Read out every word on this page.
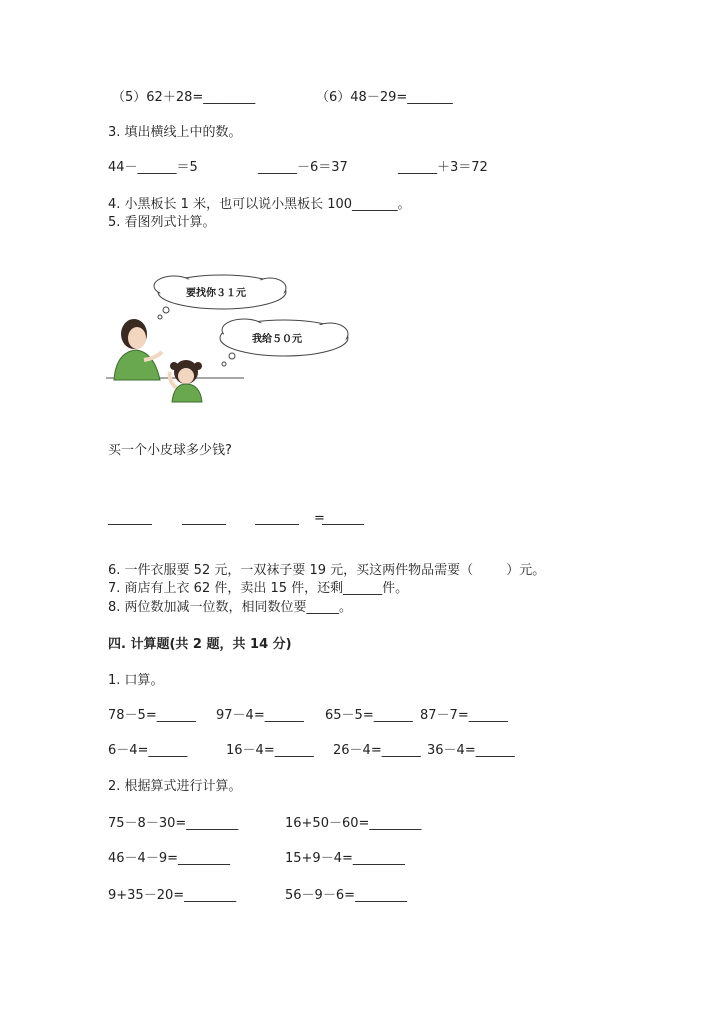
（5）62＋28=________	（6）48－29=_______
3. 填出横线上中的数。
44－______＝5	______－6＝37	______＋3＝72
4. 小黑板长 1 米，也可以说小黑板长 100_______。
5. 看图列式计算。
要找你３１元
我给５０元
买一个小皮球多少钱?
=
6. 一件衣服要 52 元，一双袜子要 19 元，买这两件物品需要（        ）元。
7. 商店有上衣 62 件，卖出 15 件，还剩______件。
8. 两位数加减一位数，相同数位要_____。
四. 计算题(共 2 题，共 14 分)
1. 口算。
78－5=______ 97－4=______ 65－5=______ 87－7=______
6－4=______	16－4=______ 26－4=______ 36－4=______
2. 根据算式进行计算。
75－8－30=________	16+50－60=________
46－4－9=________	15+9－4=________
9+35－20=________	56－9－6=________
